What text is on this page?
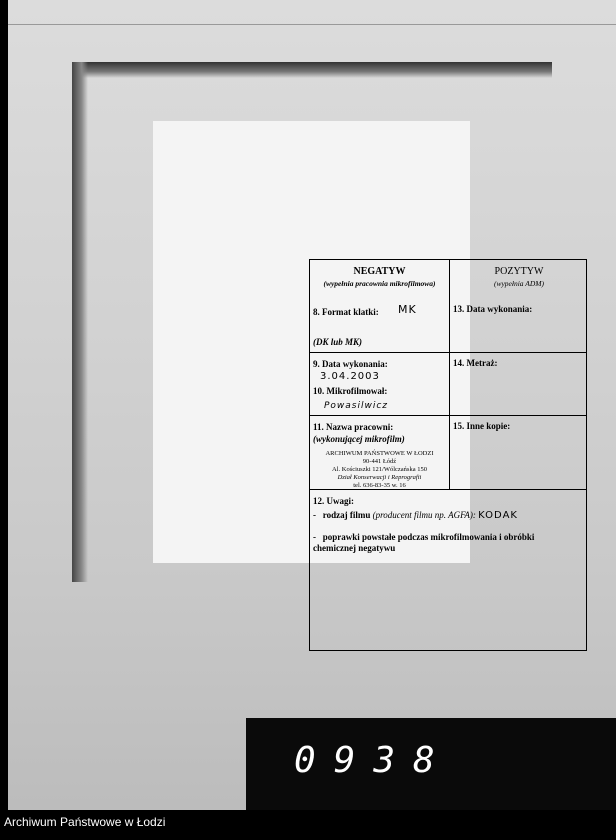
NEGATYW
(wypełnia pracownia mikrofilmowa)
POZYTYW
(wypełnia ADM)
8. Format klatki: MK
(DK lub MK)
13. Data wykonania:
9. Data wykonania:
3.04.2003
10. Mikrofilmował:
Powasilwicz
14. Metraż:
11. Nazwa pracowni:
(wykonującej mikrofilm)
ARCHIWUM PAŃSTWOWE W ŁODZI
90-441 Łódź
Al. Kościuszki 121/Wólczańska 150
Dział Konserwacji i Reprografii
tel. 636-83-35 w. 16
15. Inne kopie:
12. Uwagi:
- rodzaj filmu (producent filmu np. AGFA): KODAK
- poprawki powstałe podczas mikrofilmowania i obróbki chemicznej negatywu
0938
Archiwum Państwowe w Łodzi
